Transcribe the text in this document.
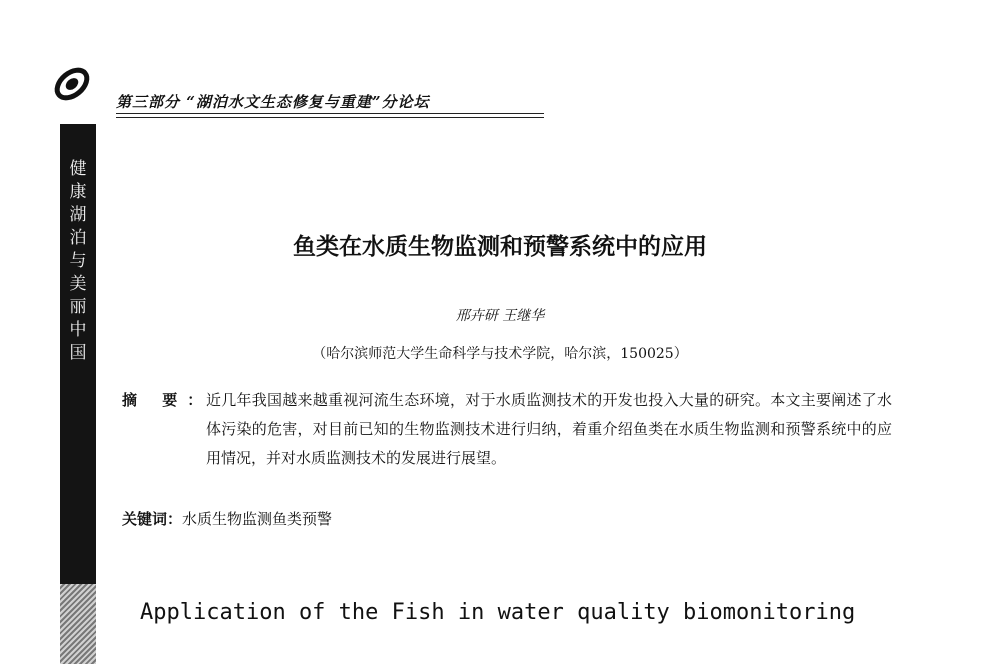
第三部分 “湖泊水文生态修复与重建”分论坛
健
康
湖
泊
与
美
丽
中
国
鱼类在水质生物监测和预警系统中的应用
邢卉研 王继华
（哈尔滨师范大学生命科学与技术学院，哈尔滨，150025）
摘 要：
近几年我国越来越重视河流生态环境，对于水质监测技术的开发也投入大量的研究。本文主要阐述了水体污染的危害，对目前已知的生物监测技术进行归纳，着重介绍鱼类在水质生物监测和预警系统中的应用情况，并对水质监测技术的发展进行展望。
关键词：水质生物监测鱼类预警
Application of the Fish in water quality biomonitoring
